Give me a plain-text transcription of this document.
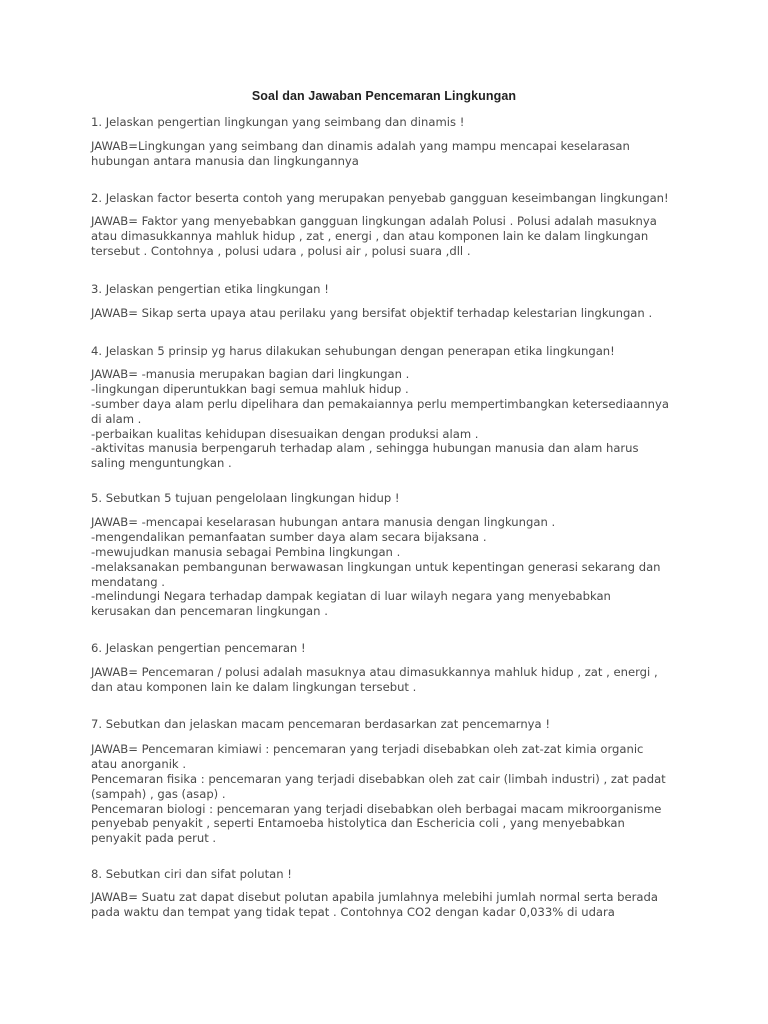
Soal dan Jawaban Pencemaran Lingkungan
1. Jelaskan pengertian lingkungan yang seimbang dan dinamis !
JAWAB=Lingkungan yang seimbang dan dinamis adalah yang mampu mencapai keselarasan
hubungan antara manusia dan lingkungannya
2. Jelaskan factor beserta contoh yang merupakan penyebab gangguan keseimbangan lingkungan!
JAWAB= Faktor yang menyebabkan gangguan lingkungan adalah Polusi . Polusi adalah masuknya
atau dimasukkannya mahluk hidup , zat , energi , dan atau komponen lain ke dalam lingkungan
tersebut . Contohnya , polusi udara , polusi air , polusi suara ,dll .
3. Jelaskan pengertian etika lingkungan !
JAWAB= Sikap serta upaya atau perilaku yang bersifat objektif terhadap kelestarian lingkungan .
4. Jelaskan 5 prinsip yg harus dilakukan sehubungan dengan penerapan etika lingkungan!
JAWAB= -manusia merupakan bagian dari lingkungan .
-lingkungan diperuntukkan bagi semua mahluk hidup .
-sumber daya alam perlu dipelihara dan pemakaiannya perlu mempertimbangkan ketersediaannya
di alam .
-perbaikan kualitas kehidupan disesuaikan dengan produksi alam .
-aktivitas manusia berpengaruh terhadap alam , sehingga hubungan manusia dan alam harus
saling menguntungkan .
5. Sebutkan 5 tujuan pengelolaan lingkungan hidup !
JAWAB= -mencapai keselarasan hubungan antara manusia dengan lingkungan .
-mengendalikan pemanfaatan sumber daya alam secara bijaksana .
-mewujudkan manusia sebagai Pembina lingkungan .
-melaksanakan pembangunan berwawasan lingkungan untuk kepentingan generasi sekarang dan
mendatang .
-melindungi Negara terhadap dampak kegiatan di luar wilayh negara yang menyebabkan
kerusakan dan pencemaran lingkungan .
6. Jelaskan pengertian pencemaran !
JAWAB= Pencemaran / polusi adalah masuknya atau dimasukkannya mahluk hidup , zat , energi ,
dan atau komponen lain ke dalam lingkungan tersebut .
7. Sebutkan dan jelaskan macam pencemaran berdasarkan zat pencemarnya !
JAWAB= Pencemaran kimiawi : pencemaran yang terjadi disebabkan oleh zat-zat kimia organic
atau anorganik .
Pencemaran fisika : pencemaran yang terjadi disebabkan oleh zat cair (limbah industri) , zat padat
(sampah) , gas (asap) .
Pencemaran biologi : pencemaran yang terjadi disebabkan oleh berbagai macam mikroorganisme
penyebab penyakit , seperti Entamoeba histolytica dan Eschericia coli , yang menyebabkan
penyakit pada perut .
8. Sebutkan ciri dan sifat polutan !
JAWAB= Suatu zat dapat disebut polutan apabila jumlahnya melebihi jumlah normal serta berada
pada waktu dan tempat yang tidak tepat . Contohnya CO2 dengan kadar 0,033% di udara
